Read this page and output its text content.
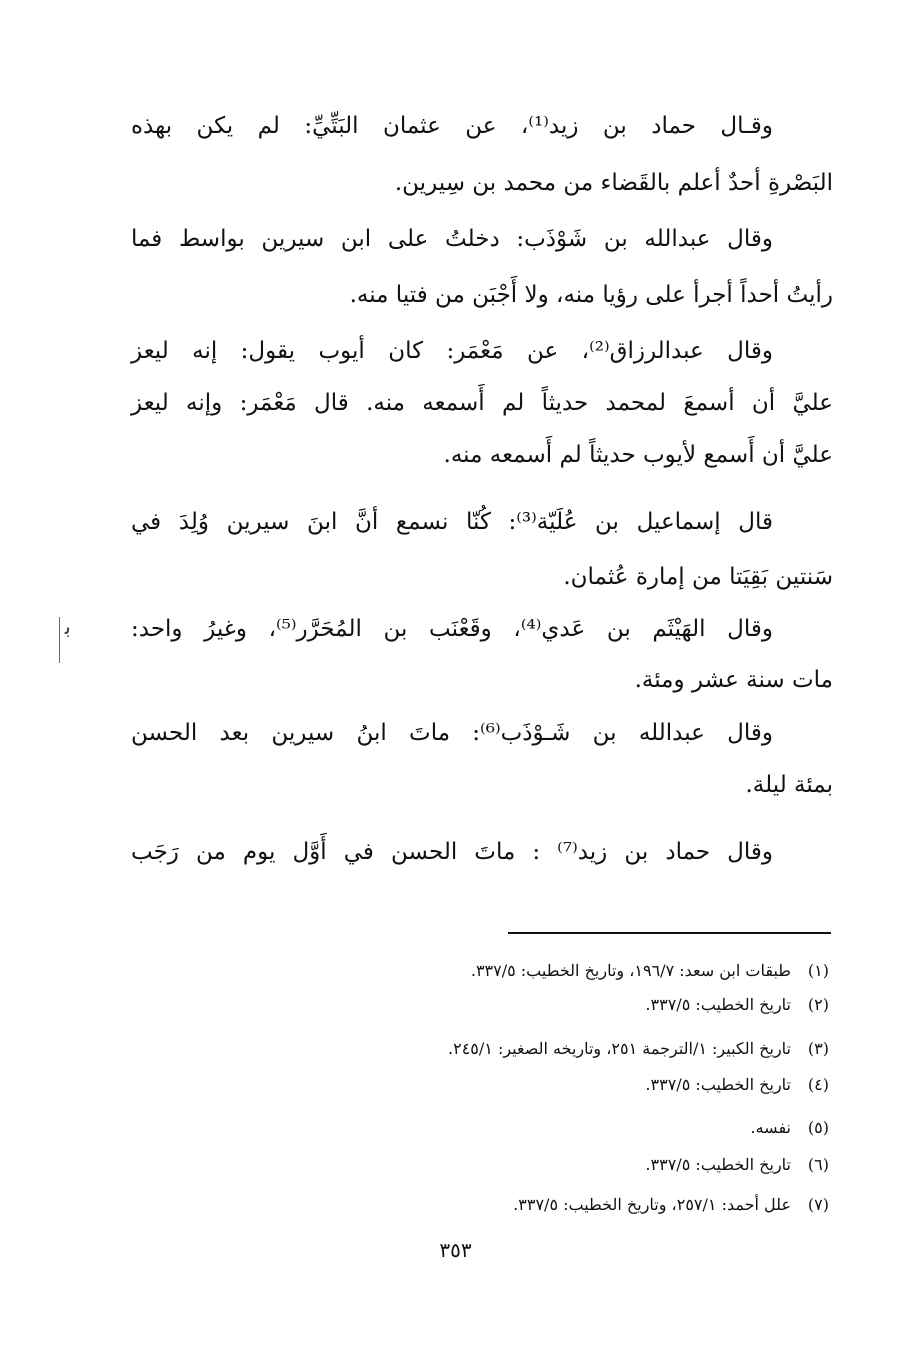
وقـال حماد بن زيد⁽¹⁾، عن عثمان البَتِّيِّ: لم يكن بهذه
البَصْرةِ أحدٌ أعلم بالقَضاء من محمد بن سِيرين.
وقال عبدالله بن شَوْذَب: دخلتُ على ابن سيرين بواسط فما
رأيتُ أحداً أجرأ على رؤيا منه، ولا أَجْبَن من فتيا منه.
وقال عبدالرزاق⁽²⁾، عن مَعْمَر: كان أيوب يقول: إنه ليعز
عليَّ أن أسمعَ لمحمد حديثاً لم أَسمعه منه. قال مَعْمَر: وإنه ليعز
عليَّ أن أَسمع لأيوب حديثاً لم أَسمعه منه.
قال إسماعيل بن عُلَيّة⁽³⁾: كُنّا نسمع أنَّ ابنَ سيرين وُلِدَ في
سَنتين بَقِيَتا من إمارة عُثمان.
وقال الهَيْثَم بن عَدي⁽⁴⁾، وقَعْنَب بن المُحَرَّر⁽⁵⁾، وغيرُ واحد:
مات سنة عشر ومئة.
وقال عبدالله بن شَـوْذَب⁽⁶⁾: ماتَ ابنُ سيرين بعد الحسن
بمئة ليلة.
وقال حماد بن زيد⁽⁷⁾ : ماتَ الحسن في أَوَّل يوم من رَجَب
ﺑ
(١)طبقات ابن سعد: ١٩٦/٧، وتاريخ الخطيب: ٣٣٧/٥.
(٢)تاريخ الخطيب: ٣٣٧/٥.
(٣)تاريخ الكبير: ١/الترجمة ٢٥١، وتاريخه الصغير: ٢٤٥/١.
(٤)تاريخ الخطيب: ٣٣٧/٥.
(٥)نفسه.
(٦)تاريخ الخطيب: ٣٣٧/٥.
(٧)علل أحمد: ٢٥٧/١، وتاريخ الخطيب: ٣٣٧/٥.
٣٥٣
